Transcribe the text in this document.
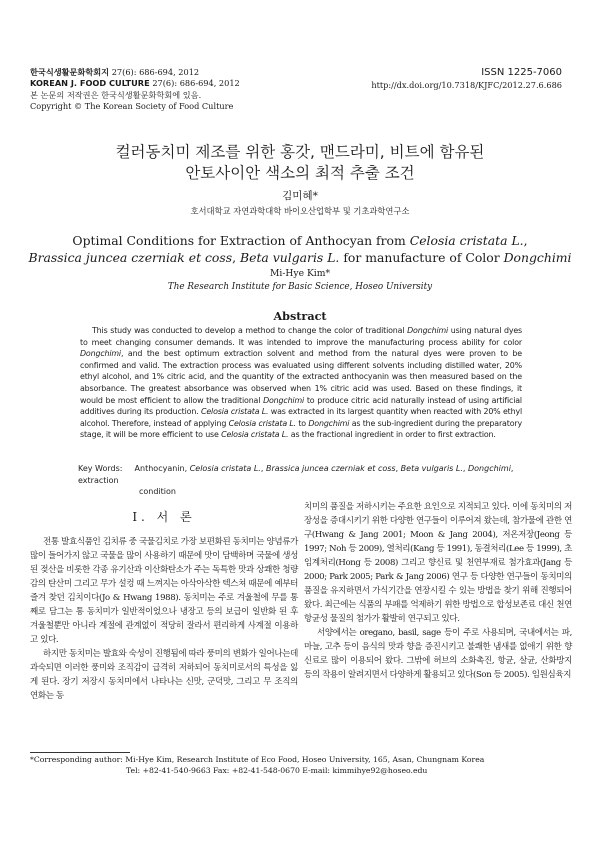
한국식생활문화학회지 27(6): 686-694, 2012
KOREAN J. FOOD CULTURE 27(6): 686-694, 2012
본 논문의 저작권은 한국식생활문화학회에 있음.
Copyright © The Korean Society of Food Culture
ISSN 1225-7060
http://dx.doi.org/10.7318/KJFC/2012.27.6.686
컬러동치미 제조를 위한 홍갓, 맨드라미, 비트에 함유된
안토사이안 색소의 최적 추출 조건
김미혜*
호서대학교 자연과학대학 바이오산업학부 및 기초과학연구소
Optimal Conditions for Extraction of Anthocyan from Celosia cristata L.,
Brassica juncea czerniak et coss, Beta vulgaris L. for manufacture of Color Dongchimi
Mi-Hye Kim*
The Research Institute for Basic Science, Hoseo University
Abstract
This study was conducted to develop a method to change the color of traditional Dongchimi using natural dyes to meet changing consumer demands. It was intended to improve the manufacturing process ability for color Dongchimi, and the best optimum extraction solvent and method from the natural dyes were proven to be confirmed and valid. The extraction process was evaluated using different solvents including distilled water, 20% ethyl alcohol, and 1% citric acid, and the quantity of the extracted anthocyanin was then measured based on the absorbance. The greatest absorbance was observed when 1% citric acid was used. Based on these findings, it would be most efficient to allow the traditional Dongchimi to produce citric acid naturally instead of using artificial additives during its production. Celosia cristata L. was extracted in its largest quantity when reacted with 20% ethyl alcohol. Therefore, instead of applying Celosia cristata L. to Dongchimi as the sub-ingredient during the preparatory stage, it will be more efficient to use Celosia cristata L. as the fractional ingredient in order to first extraction.
Key Words: Anthocyanin, Celosia cristata L., Brassica juncea czerniak et coss, Beta vulgaris L., Dongchimi, extraction
condition

I. 서 론

전통 발효식품인 김치류 중 국물김치로 가장 보편화된 동치미는 양념류가 많이 들어가지 않고 국물을 많이 사용하기 때문에 맛이 담백하며 국물에 생성된 젖산을 비롯한 각종 유기산과 이산화탄소가 주는 독특한 맛과 상쾌한 청량감의 탄산미 그리고 무가 설컹 때 느껴지는 아삭아삭한 텍스쳐 때문에 예부터 즐겨 찾던 김치이다(Jo & Hwang 1988). 동치미는 주로 겨울철에 무를 통째로 담그는 통 동치미가 일반적이었으나 냉장고 등의 보급이 일반화 된 후 겨울철뿐만 아니라 계절에 관계없이 적당히 잘라서 편리하게 사계절 이용하고 있다.

하지만 동치미는 발효와 숙성이 진행됨에 따라 풍미의 변화가 일어나는데 과숙되면 이러한 풍미와 조직감이 급격히 저하되어 동치미로서의 특성을 잃게 된다. 장기 저장시 동치미에서 나타나는 신맛, 군덕맛, 그리고 무 조직의 연화는 동

치미의 품질을 저하시키는 주요한 요인으로 지적되고 있다. 이에 동치미의 저장성을 증대시키기 위한 다양한 연구들이 이루어져 왔는데, 참가물에 관한 연구(Hwang & Jang 2001; Moon & Jang 2004), 저온저장(Jeong 등 1997; Noh 등 2009), 열처리(Kang 등 1991), 동결처리(Lee 등 1999), 초임계처리(Hong 등 2008) 그리고 향신료 및 천연부재료 첨가효과(Jang 등 2000; Park 2005; Park & Jang 2006) 연구 등 다양한 연구들이 동치미의 품질을 유지하면서 가식기간을 연장시킬 수 있는 방법을 찾기 위해 진행되어 왔다. 최근에는 식품의 부패를 억제하기 위한 방법으로 합성보존료 대신 천연항균성 물질의 첨가가 활발히 연구되고 있다.

서양에서는 oregano, basil, sage 등이 주로 사용되며, 국내에서는 파, 마늘, 고추 등이 음식의 맛과 향을 증진시키고 불쾌한 냄새를 없애기 위한 향신료로 많이 이용되어 왔다. 그밖에 허브의 소화촉진, 항균, 살균, 산화방지 등의 작용이 알려지면서 다양하게 활용되고 있다(Son 등 2005). 임원심육지

*Corresponding author: Mi-Hye Kim, Research Institute of Eco Food, Hoseo University, 165, Asan, Chungnam Korea
Tel: +82-41-540-9663 Fax: +82-41-548-0670 E-mail: kimmihye92@hoseo.edu
